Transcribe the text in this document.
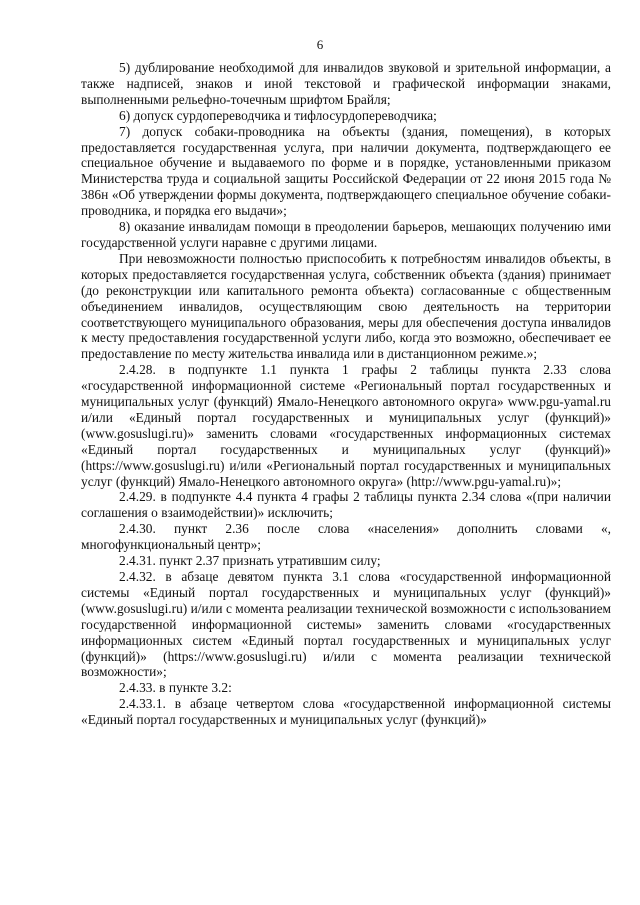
6

5) дублирование необходимой для инвалидов звуковой и зрительной информации, а также надписей, знаков и иной текстовой и графической информации знаками, выполненными рельефно-точечным шрифтом Брайля;

6) допуск сурдопереводчика и тифлосурдопереводчика;

7) допуск собаки-проводника на объекты (здания, помещения), в которых предоставляется государственная услуга, при наличии документа, подтверждающего ее специальное обучение и выдаваемого по форме и в порядке, установленными приказом Министерства труда и социальной защиты Российской Федерации от 22 июня 2015 года № 386н «Об утверждении формы документа, подтверждающего специальное обучение собаки-проводника, и порядка его выдачи»;

8) оказание инвалидам помощи в преодолении барьеров, мешающих получению ими государственной услуги наравне с другими лицами.

При невозможности полностью приспособить к потребностям инвалидов объекты, в которых предоставляется государственная услуга, собственник объекта (здания) принимает (до реконструкции или капитального ремонта объекта) согласованные с общественным объединением инвалидов, осуществляющим свою деятельность на территории соответствующего муниципального образования, меры для обеспечения доступа инвалидов к месту предоставления государственной услуги либо, когда это возможно, обеспечивает ее предоставление по месту жительства инвалида или в дистанционном режиме.»;

2.4.28. в подпункте 1.1 пункта 1 графы 2 таблицы пункта 2.33 слова «государственной информационной системе «Региональный портал государственных и муниципальных услуг (функций) Ямало-Ненецкого автономного округа» www.pgu-yamal.ru и/или «Единый портал государственных и муниципальных услуг (функций)» (www.gosuslugi.ru)» заменить словами «государственных информационных системах «Единый портал государственных и муниципальных услуг (функций)» (https://www.gosuslugi.ru) и/или «Региональный портал государственных и муниципальных услуг (функций) Ямало-Ненецкого автономного округа» (http://www.pgu-yamal.ru)»;

2.4.29. в подпункте 4.4 пункта 4 графы 2 таблицы пункта 2.34 слова «(при наличии соглашения о взаимодействии)» исключить;

2.4.30. пункт 2.36 после слова «населения» дополнить словами «, многофункциональный центр»;

2.4.31. пункт 2.37 признать утратившим силу;

2.4.32. в абзаце девятом пункта 3.1 слова «государственной информационной системы «Единый портал государственных и муниципальных услуг (функций)» (www.gosuslugi.ru) и/или с момента реализации технической возможности с использованием государственной информационной системы» заменить словами «государственных информационных систем «Единый портал государственных и муниципальных услуг (функций)» (https://www.gosuslugi.ru) и/или с момента реализации технической возможности»;

2.4.33. в пункте 3.2:

2.4.33.1. в абзаце четвертом слова «государственной информационной системы «Единый портал государственных и муниципальных услуг (функций)»
